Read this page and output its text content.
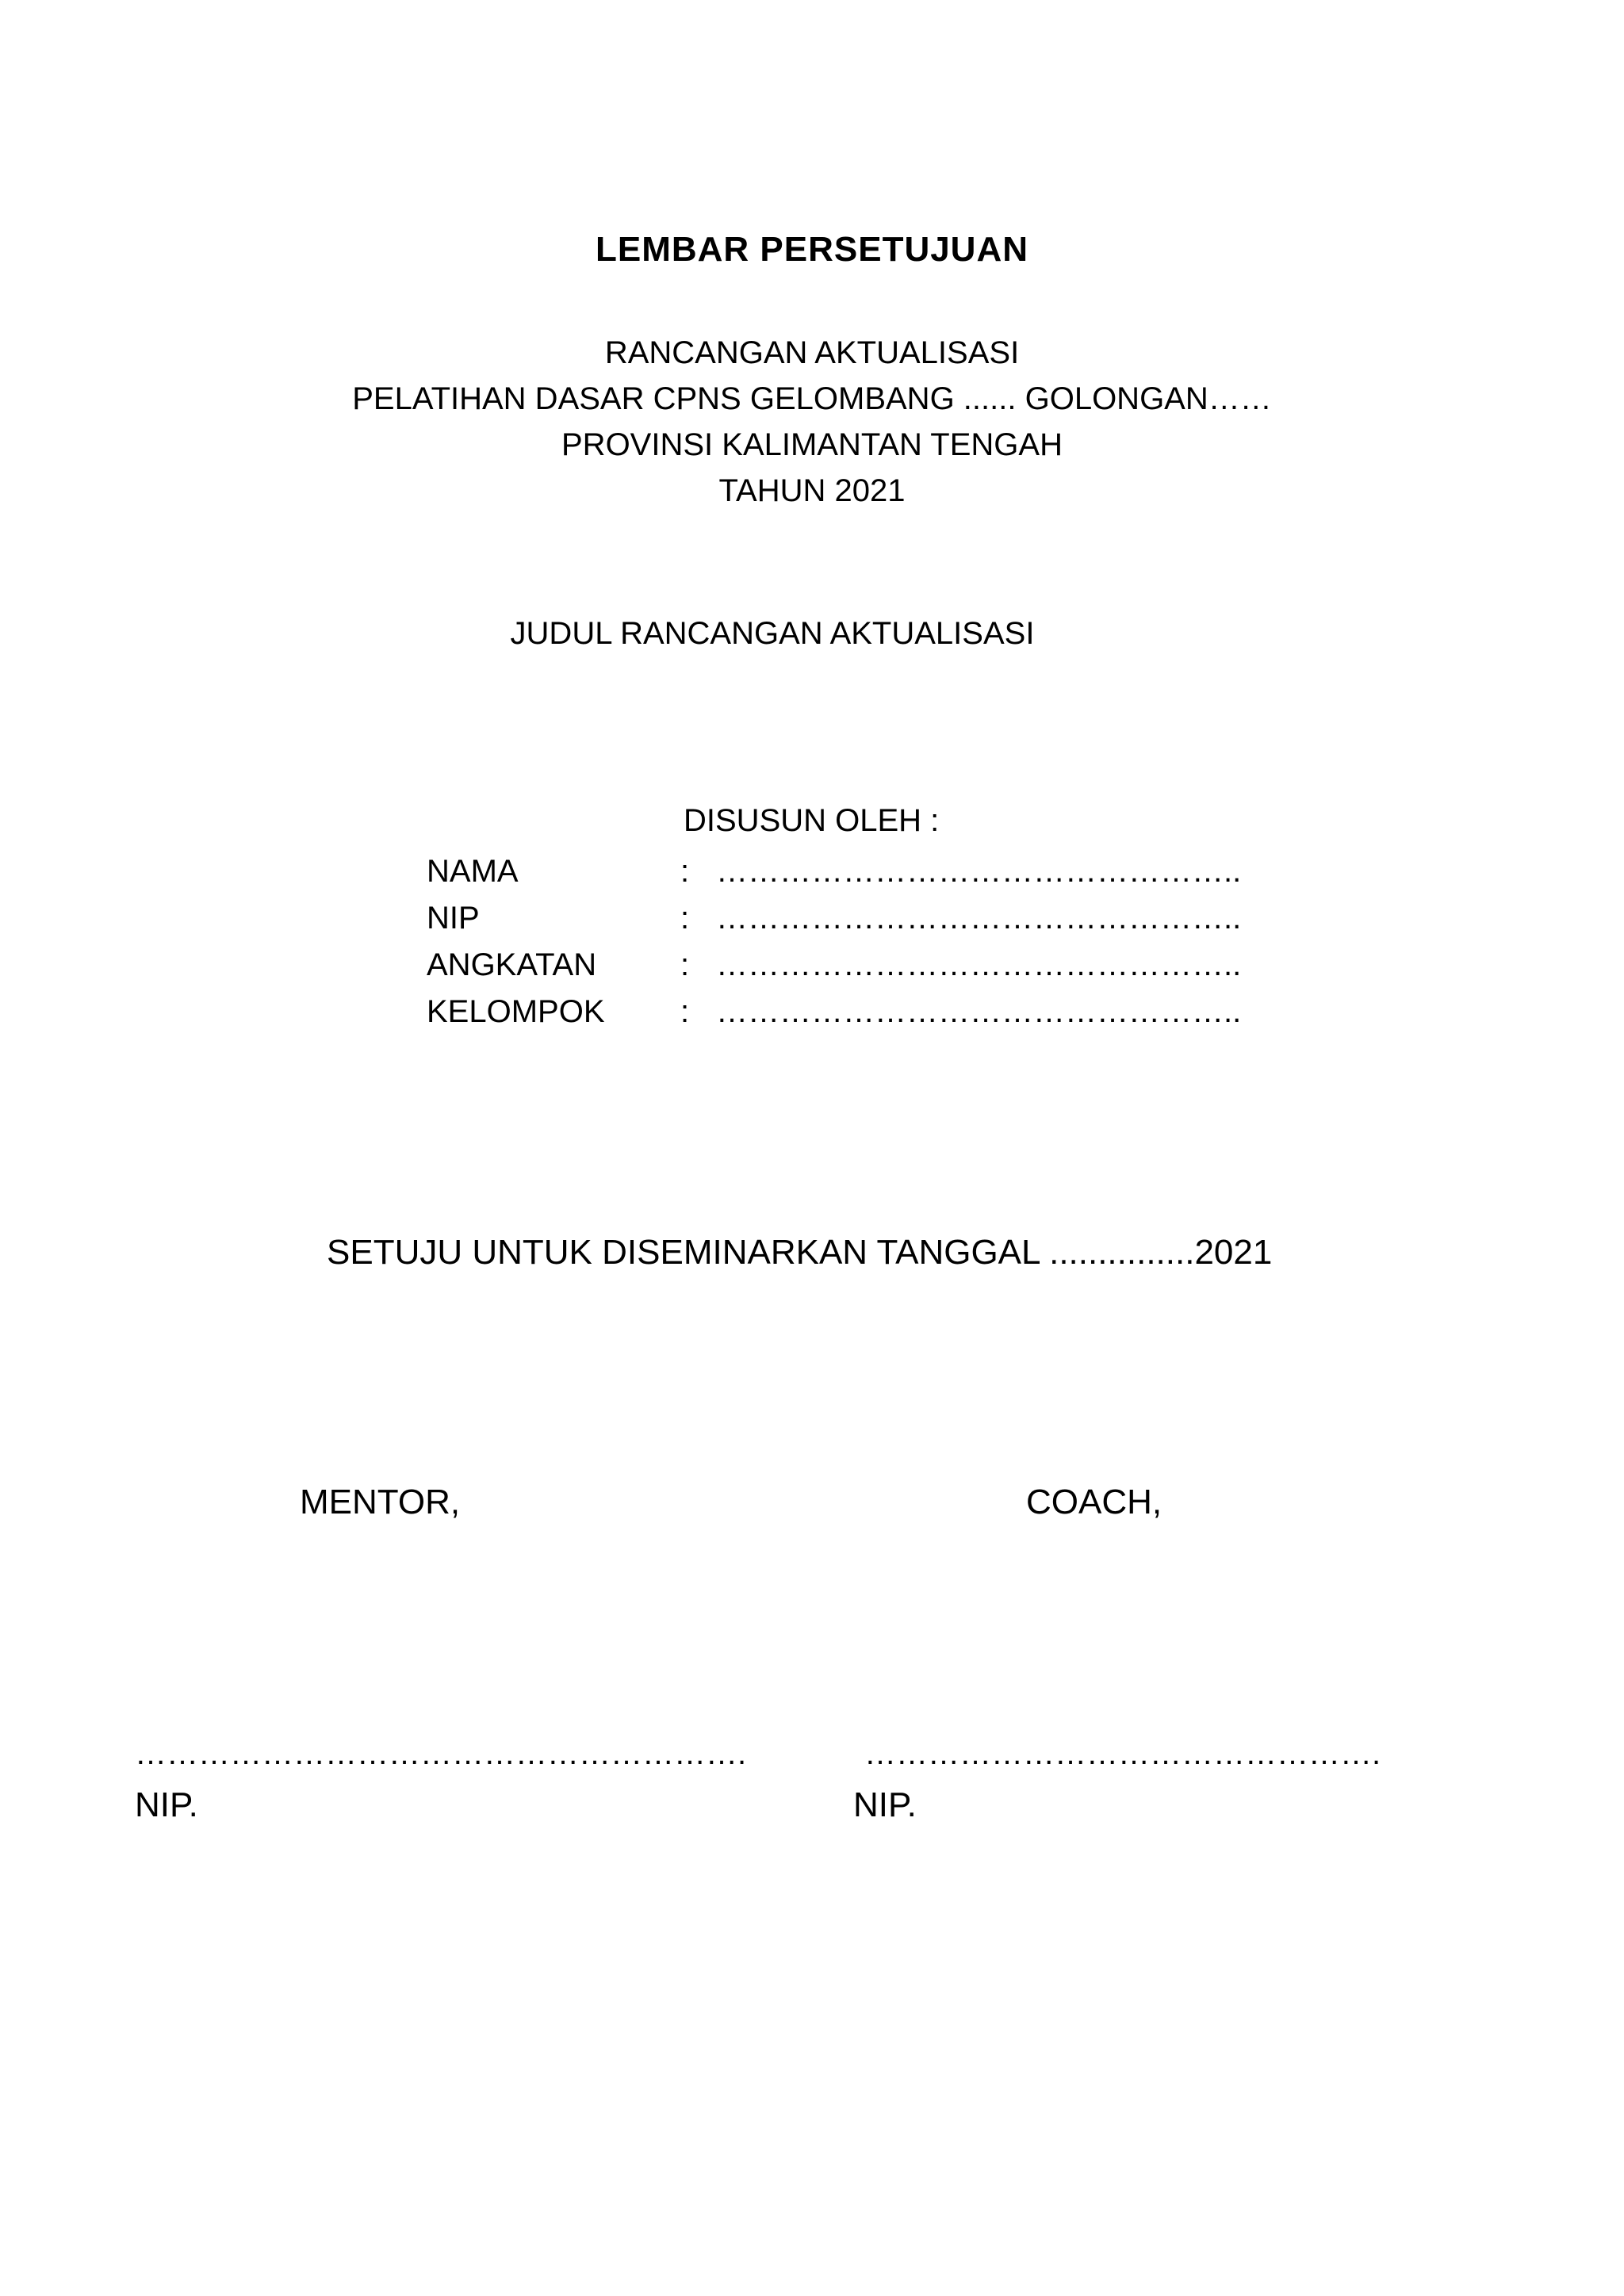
LEMBAR PERSETUJUAN
RANCANGAN AKTUALISASI
PELATIHAN DASAR CPNS GELOMBANG ...... GOLONGAN……
PROVINSI KALIMANTAN TENGAH
TAHUN 2021
JUDUL RANCANGAN AKTUALISASI
DISUSUN OLEH :
NAMA	: …………………………………………..
NIP	: …………………………………………..
ANGKATAN	: …………………………………………..
KELOMPOK	: …………………………………………..
SETUJU UNTUK DISEMINARKAN TANGGAL ...............2021
MENTOR,	COACH,
………………………………………………….	………………………………………….
NIP.	NIP.
